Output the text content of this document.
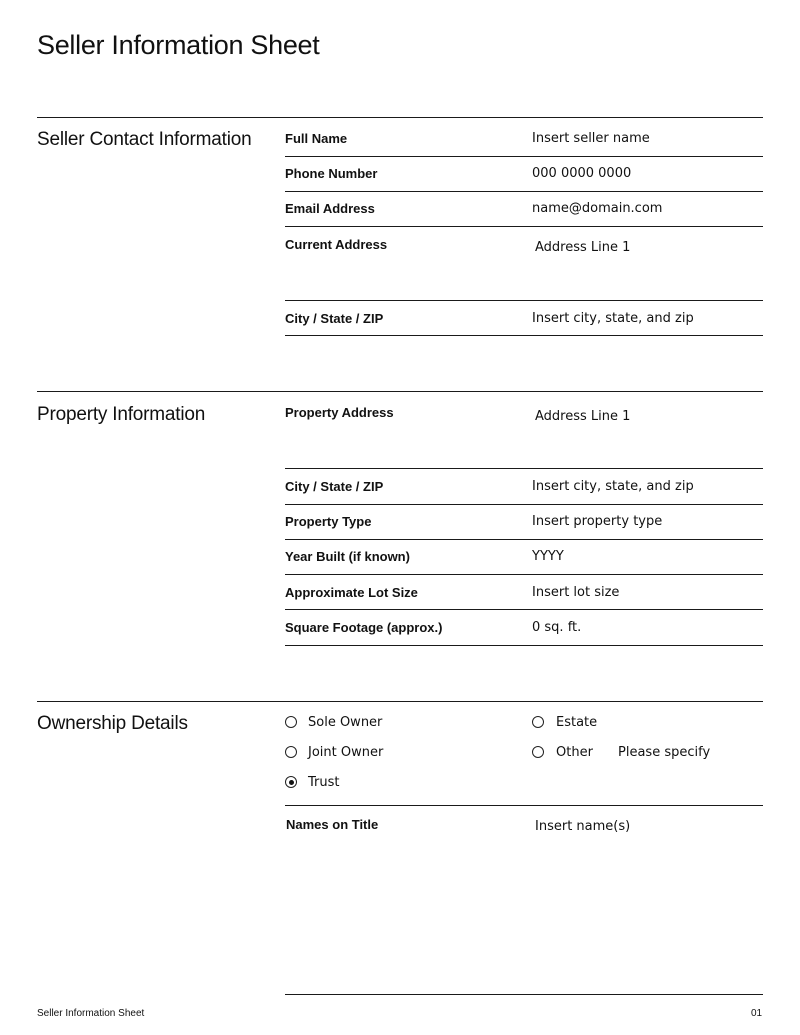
Seller Information Sheet
Seller Contact Information	Full Name	Insert seller name
Phone Number	000 0000 0000
Email Address	name@domain.com
Current Address	Address Line 1
City / State / ZIP	Insert city, state, and zip
Property Information	Property Address	Address Line 1
City / State / ZIP	Insert city, state, and zip
Property Type	Insert property type
Year Built (if known)	YYYY
Approximate Lot Size	Insert lot size
Square Footage (approx.)	0 sq. ft.
Ownership Details	Sole Owner
Joint Owner
Trust
Estate
Other Please specify
Names on Title	Insert name(s)
Seller Information Sheet	01
